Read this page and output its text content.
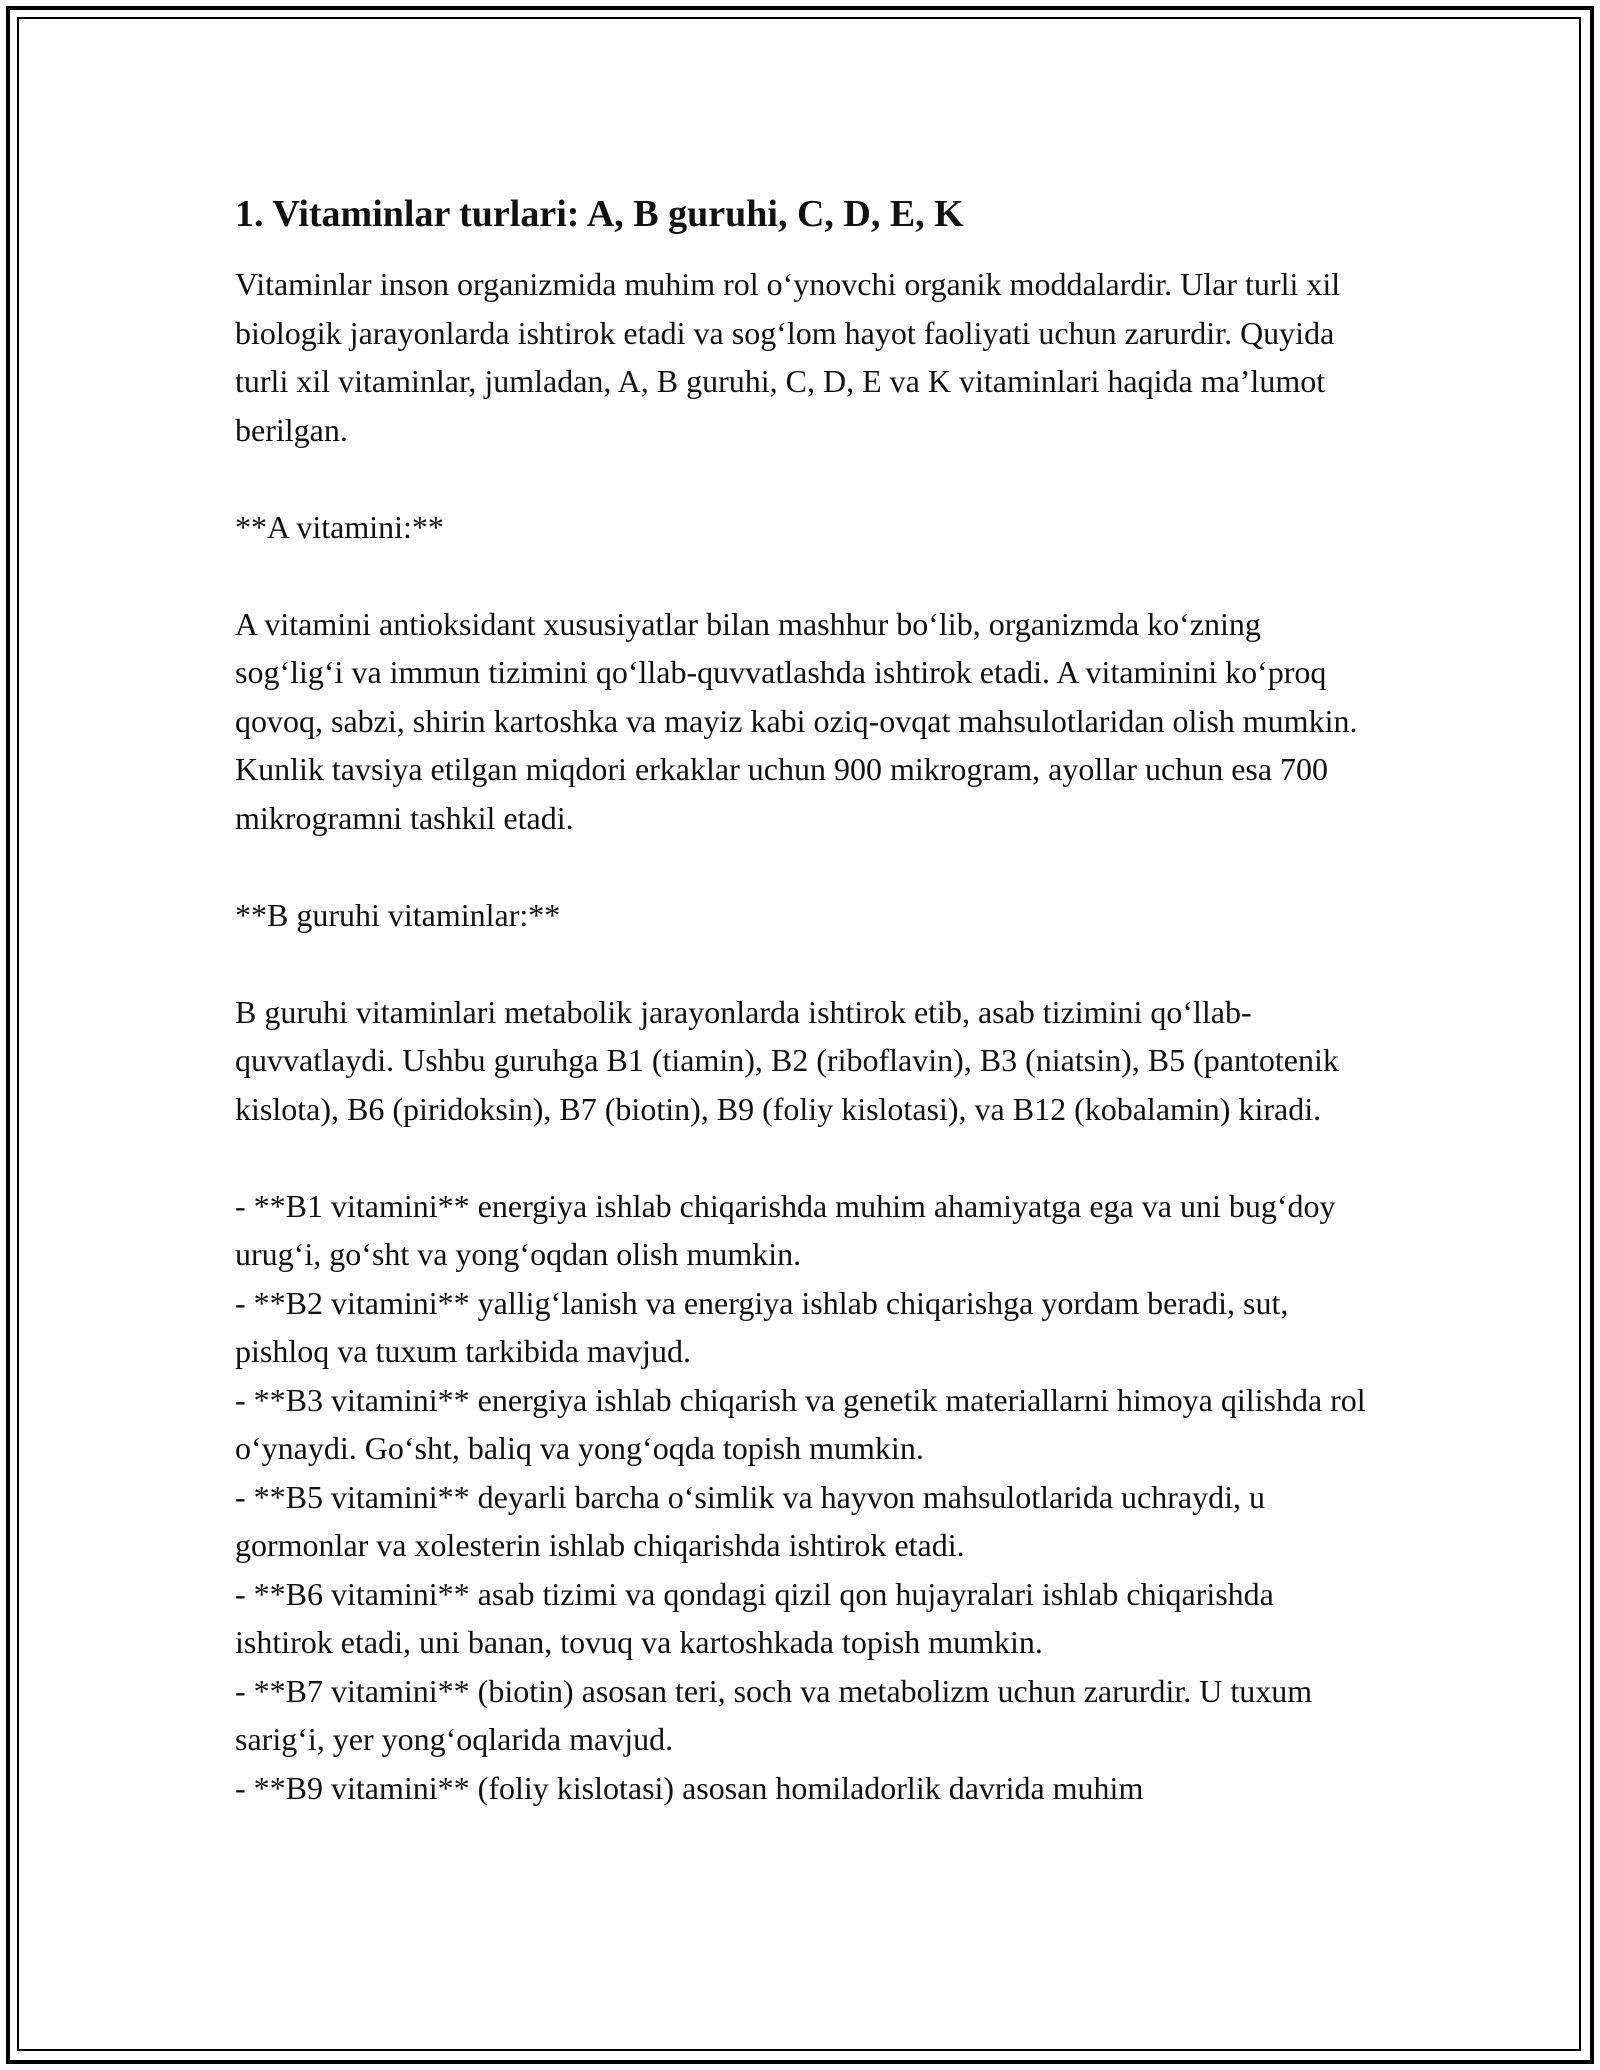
1. Vitaminlar turlari: A, B guruhi, C, D, E, K

Vitaminlar inson organizmida muhim rol oʻynovchi organik moddalardir. Ular turli xil biologik jarayonlarda ishtirok etadi va sogʻlom hayot faoliyati uchun zarurdir. Quyida turli xil vitaminlar, jumladan, A, B guruhi, C, D, E va K vitaminlari haqida maʼlumot berilgan.

**A vitamini:**

A vitamini antioksidant xususiyatlar bilan mashhur boʻlib, organizmda koʻzning sogʻligʻi va immun tizimini qoʻllab-quvvatlashda ishtirok etadi. A vitaminini koʻproq qovoq, sabzi, shirin kartoshka va mayiz kabi oziq-ovqat mahsulotlaridan olish mumkin. Kunlik tavsiya etilgan miqdori erkaklar uchun 900 mikrogram, ayollar uchun esa 700 mikrogramni tashkil etadi.

**B guruhi vitaminlar:**

B guruhi vitaminlari metabolik jarayonlarda ishtirok etib, asab tizimini qoʻllab-quvvatlaydi. Ushbu guruhga B1 (tiamin), B2 (riboflavin), B3 (niatsin), B5 (pantotenik kislota), B6 (piridoksin), B7 (biotin), B9 (foliy kislotasi), va B12 (kobalamin) kiradi.

- **B1 vitamini** energiya ishlab chiqarishda muhim ahamiyatga ega va uni bugʻdoy urugʻi, goʻsht va yongʻoqdan olish mumkin.
- **B2 vitamini** yalligʻlanish va energiya ishlab chiqarishga yordam beradi, sut, pishloq va tuxum tarkibida mavjud.
- **B3 vitamini** energiya ishlab chiqarish va genetik materiallarni himoya qilishda rol oʻynaydi. Goʻsht, baliq va yongʻoqda topish mumkin.
- **B5 vitamini** deyarli barcha oʻsimlik va hayvon mahsulotlarida uchraydi, u gormonlar va xolesterin ishlab chiqarishda ishtirok etadi.
- **B6 vitamini** asab tizimi va qondagi qizil qon hujayralari ishlab chiqarishda ishtirok etadi, uni banan, tovuq va kartoshkada topish mumkin.
- **B7 vitamini** (biotin) asosan teri, soch va metabolizm uchun zarurdir. U tuxum sarigʻi, yer yongʻoqlarida mavjud.
- **B9 vitamini** (foliy kislotasi) asosan homiladorlik davrida muhim
